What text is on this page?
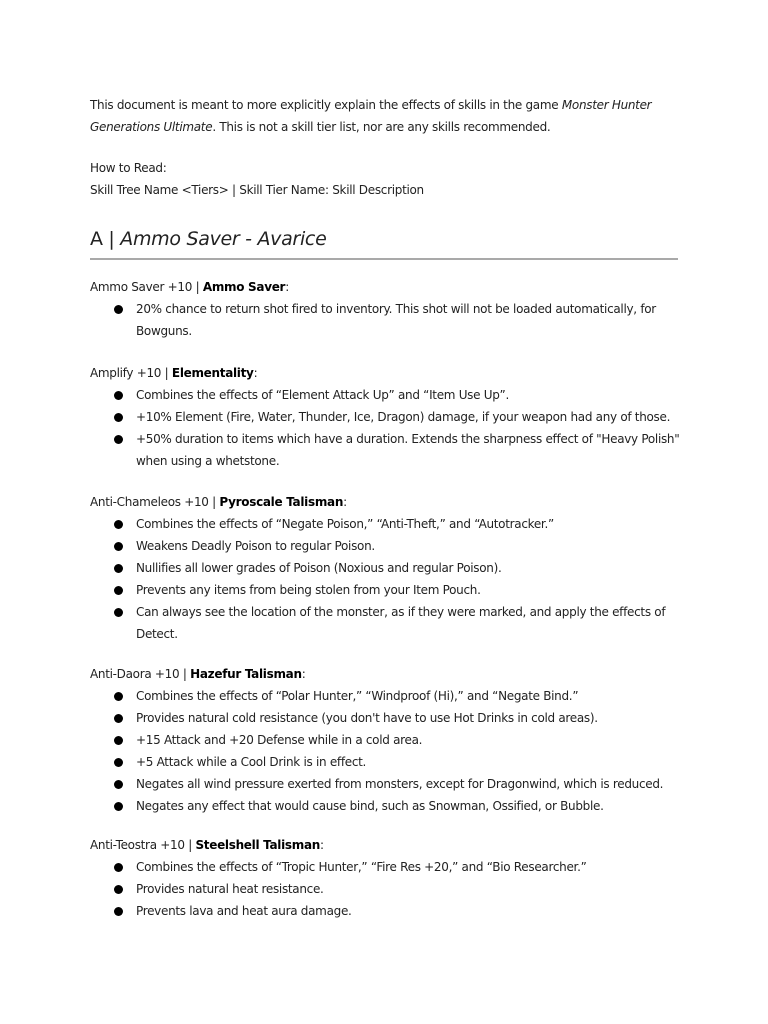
This document is meant to more explicitly explain the effects of skills in the game Monster Hunter Generations Ultimate. This is not a skill tier list, nor are any skills recommended.

How to Read:

Skill Tree Name <Tiers> | Skill Tier Name: Skill Description

A | Ammo Saver - Avarice
Ammo Saver +10 | Ammo Saver:
20% chance to return shot fired to inventory. This shot will not be loaded automatically, for Bowguns.
Amplify +10 | Elementality:
Combines the effects of “Element Attack Up” and “Item Use Up”.
+10% Element (Fire, Water, Thunder, Ice, Dragon) damage, if your weapon had any of those.
+50% duration to items which have a duration. Extends the sharpness effect of "Heavy Polish" when using a whetstone.
Anti-Chameleos +10 | Pyroscale Talisman:
Combines the effects of “Negate Poison,” “Anti-Theft,” and “Autotracker.”
Weakens Deadly Poison to regular Poison.
Nullifies all lower grades of Poison (Noxious and regular Poison).
Prevents any items from being stolen from your Item Pouch.
Can always see the location of the monster, as if they were marked, and apply the effects of Detect.
Anti-Daora +10 | Hazefur Talisman:
Combines the effects of “Polar Hunter,” “Windproof (Hi),” and “Negate Bind.”
Provides natural cold resistance (you don't have to use Hot Drinks in cold areas).
+15 Attack and +20 Defense while in a cold area.
+5 Attack while a Cool Drink is in effect.
Negates all wind pressure exerted from monsters, except for Dragonwind, which is reduced.
Negates any effect that would cause bind, such as Snowman, Ossified, or Bubble.
Anti-Teostra +10 | Steelshell Talisman:
Combines the effects of “Tropic Hunter,” “Fire Res +20,” and “Bio Researcher.”
Provides natural heat resistance.
Prevents lava and heat aura damage.
